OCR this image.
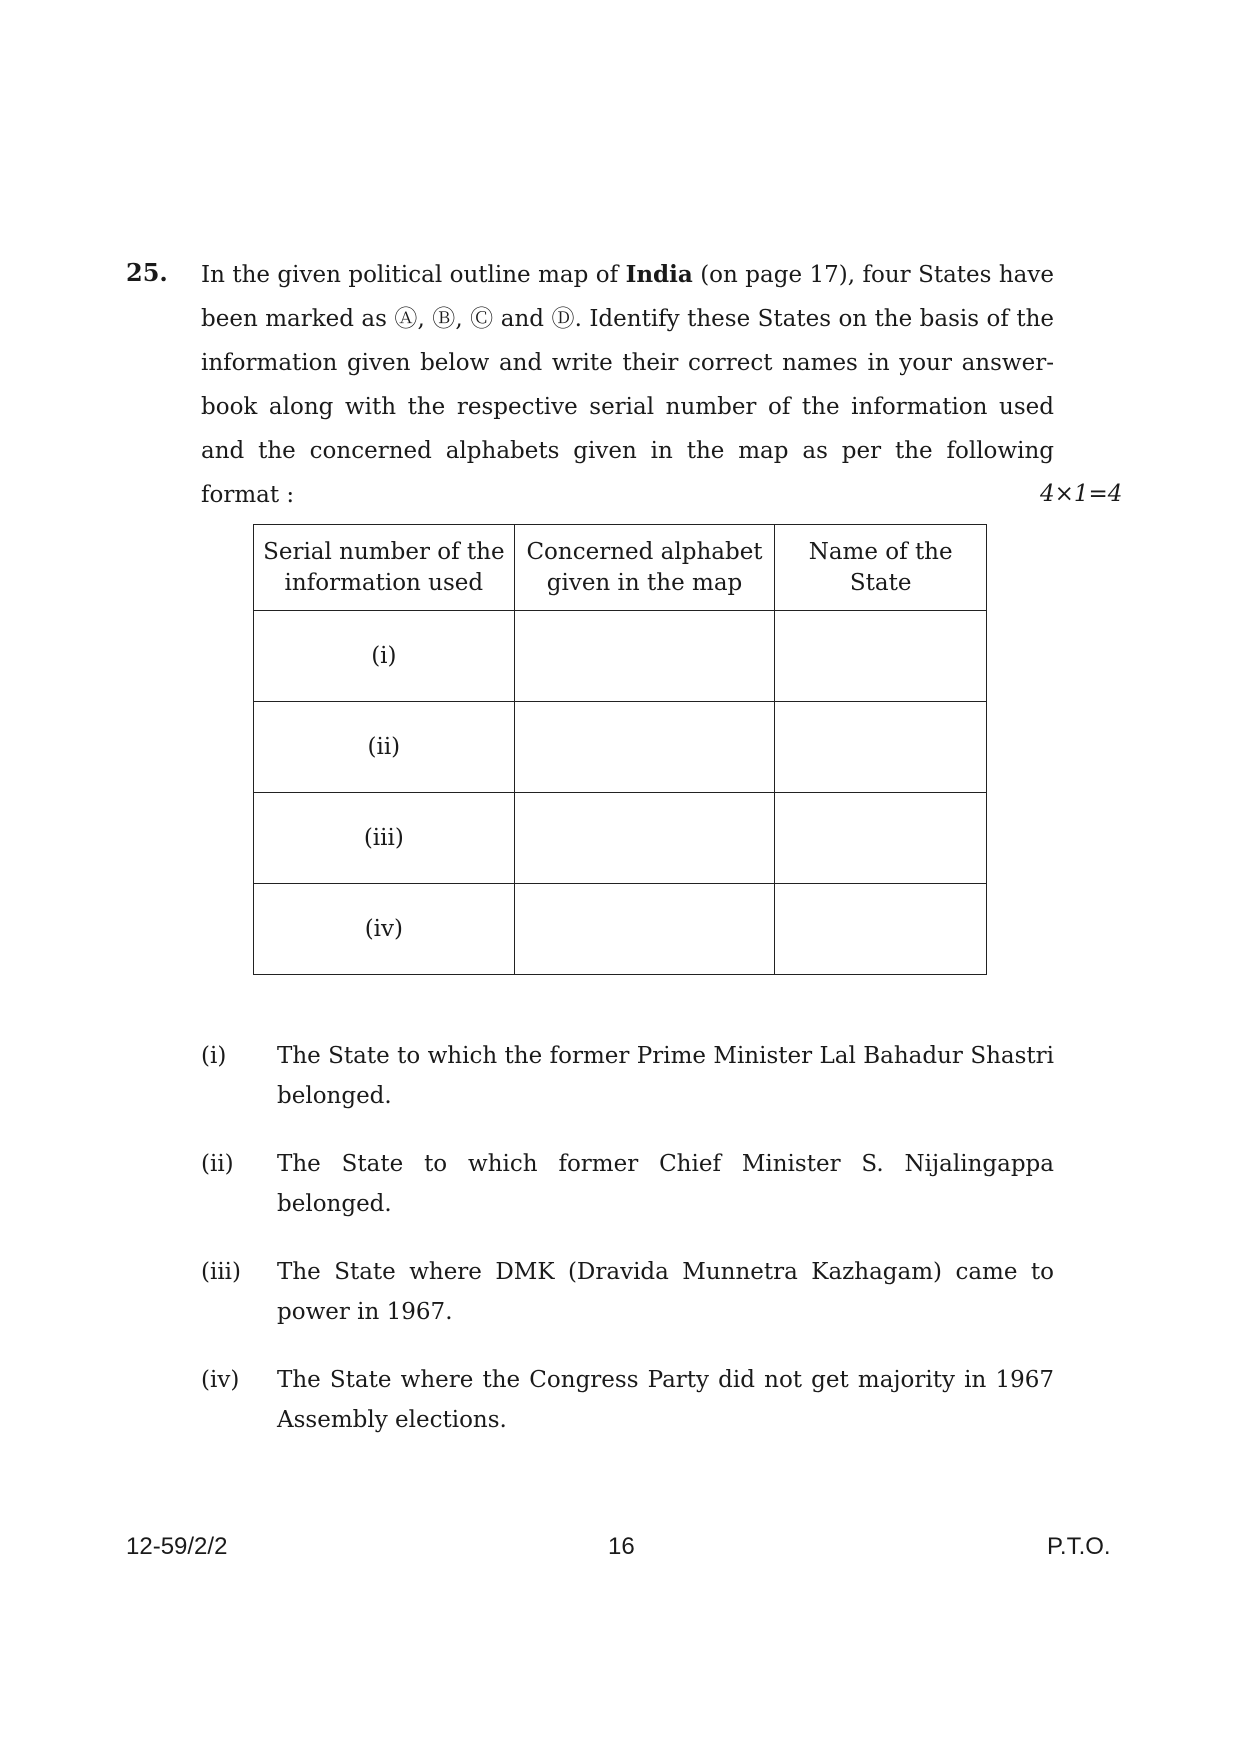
25. In the given political outline map of India (on page 17), four States have been marked as Ⓐ, Ⓑ, Ⓒ and Ⓓ. Identify these States on the basis of the information given below and write their correct names in your answer-book along with the respective serial number of the information used and the concerned alphabets given in the map as per the following format :	4×1=4
Serial number of the information used	Concerned alphabet given in the map	Name of the State
(i)		
(ii)		
(iii)		
(iv)		
(i)	The State to which the former Prime Minister Lal Bahadur Shastri belonged.
(ii)	The State to which former Chief Minister S. Nijalingappa belonged.
(iii)	The State where DMK (Dravida Munnetra Kazhagam) came to power in 1967.
(iv)	The State where the Congress Party did not get majority in 1967 Assembly elections.
12-59/2/2	16	P.T.O.
